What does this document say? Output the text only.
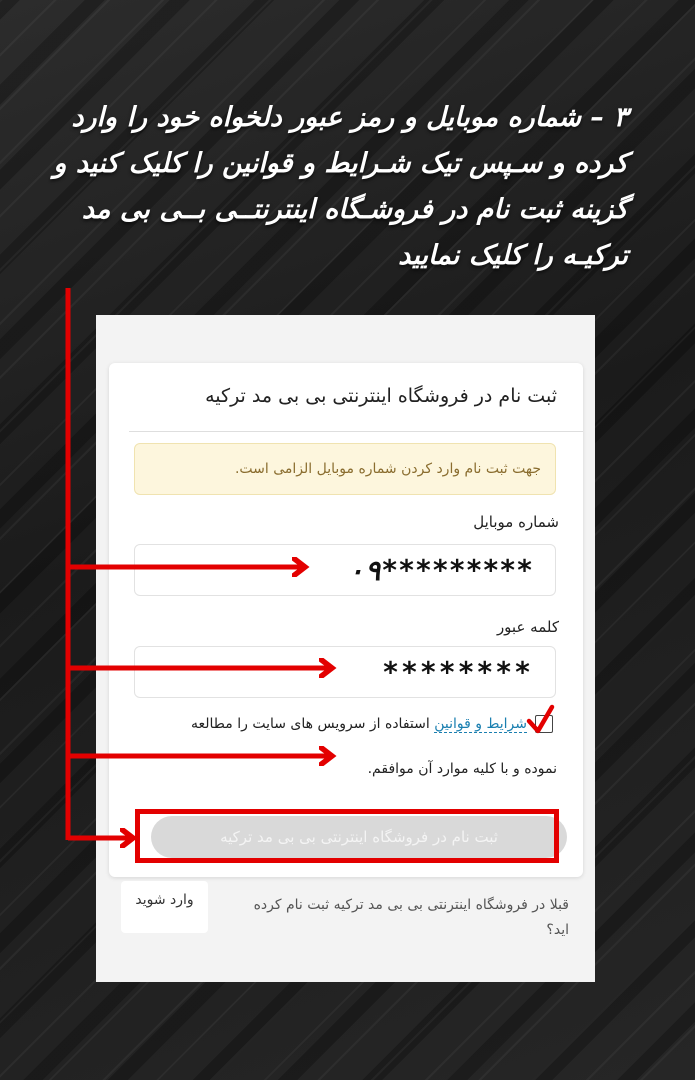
۳ – شماره موبایل و رمز عبور دلخواه خود را وارد کرده و سـپس تیک شـرایط و قوانین را کلیک کنید و گزینه ثبت نام در فروشـگاه اینترنتــی بــی بی مد ترکیـه را کلیک نمایید
ثبت نام در فروشگاه اینترنتی بی بی مد ترکیه
جهت ثبت نام وارد کردن شماره موبایل الزامی است.
شماره موبایل
۰۹*********
کلمه عبور
********
شرایط و قوانین استفاده از سرویس های سایت را مطالعه
نموده و با کلیه موارد آن موافقم.
ثبت نام در فروشگاه اینترنتی بی بی مد ترکیه
وارد شوید	قبلا در فروشگاه اینترنتی بی بی مد ترکیه ثبت نام کرده اید؟
